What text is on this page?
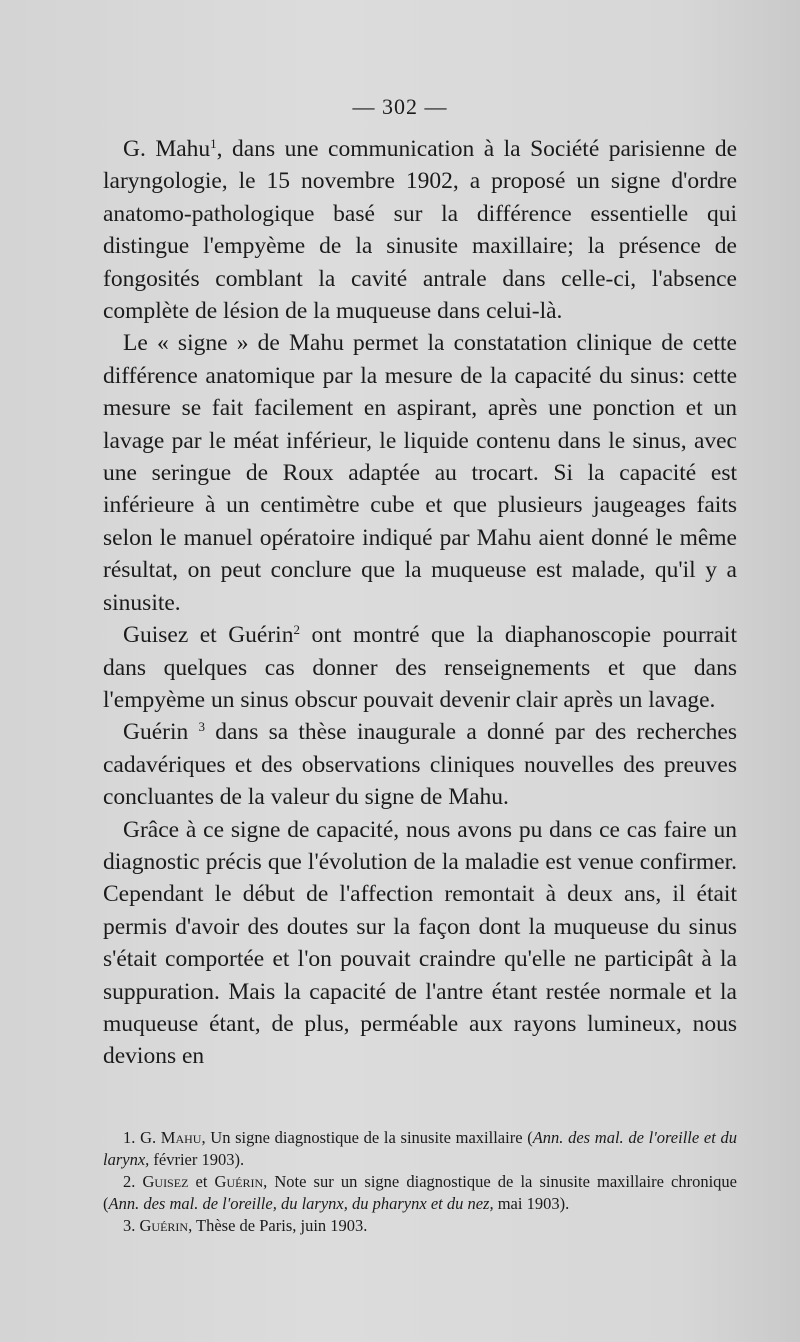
— 302 —

G. Mahu$^1$, dans une communication à la Société parisienne de laryngologie, le 15 novembre 1902, a proposé un signe d'ordre anatomo-pathologique basé sur la différence essentielle qui distingue l'empyème de la sinusite maxillaire; la présence de fongosités comblant la cavité antrale dans celle-ci, l'absence complète de lésion de la muqueuse dans celui-là.

Le « signe » de Mahu permet la constatation clinique de cette différence anatomique par la mesure de la capacité du sinus: cette mesure se fait facilement en aspirant, après une ponction et un lavage par le méat inférieur, le liquide contenu dans le sinus, avec une seringue de Roux adaptée au trocart. Si la capacité est inférieure à un centimètre cube et que plusieurs jaugeages faits selon le manuel opératoire indiqué par Mahu aient donné le même résultat, on peut conclure que la muqueuse est malade, qu'il y a sinusite.

Guisez et Guérin$^2$ ont montré que la diaphanoscopie pourrait dans quelques cas donner des renseignements et que dans l'empyème un sinus obscur pouvait devenir clair après un lavage.

Guérin $^3$ dans sa thèse inaugurale a donné par des recherches cadavériques et des observations cliniques nouvelles des preuves concluantes de la valeur du signe de Mahu.

Grâce à ce signe de capacité, nous avons pu dans ce cas faire un diagnostic précis que l'évolution de la maladie est venue confirmer. Cependant le début de l'affection remontait à deux ans, il était permis d'avoir des doutes sur la façon dont la muqueuse du sinus s'était comportée et l'on pouvait craindre qu'elle ne participât à la suppuration. Mais la capacité de l'antre étant restée normale et la muqueuse étant, de plus, perméable aux rayons lumineux, nous devions en

1. G. Mahu, Un signe diagnostique de la sinusite maxillaire (Ann. des mal. de l'oreille et du larynx, février 1903).

2. Guisez et Guérin, Note sur un signe diagnostique de la sinusite maxillaire chronique (Ann. des mal. de l'oreille, du larynx, du pharynx et du nez, mai 1903).

3. Guérin, Thèse de Paris, juin 1903.
